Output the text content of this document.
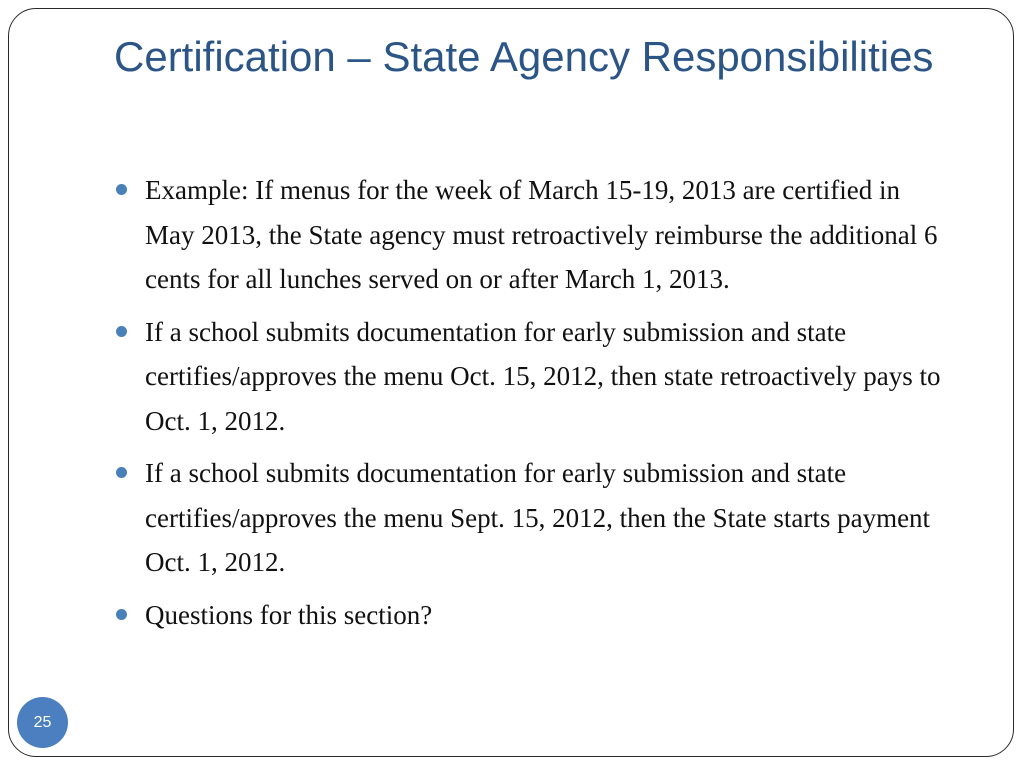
Certification – State Agency Responsibilities
Example: If menus for the week of March 15-19, 2013 are certified in May 2013, the State agency must retroactively reimburse the additional 6 cents for all lunches served on or after March 1, 2013.
If a school submits documentation for early submission and state certifies/approves the menu Oct. 15, 2012, then state retroactively pays to Oct. 1, 2012.
If a school submits documentation for early submission and state certifies/approves the menu Sept. 15, 2012, then the State starts payment Oct. 1, 2012.
Questions for this section?
25
